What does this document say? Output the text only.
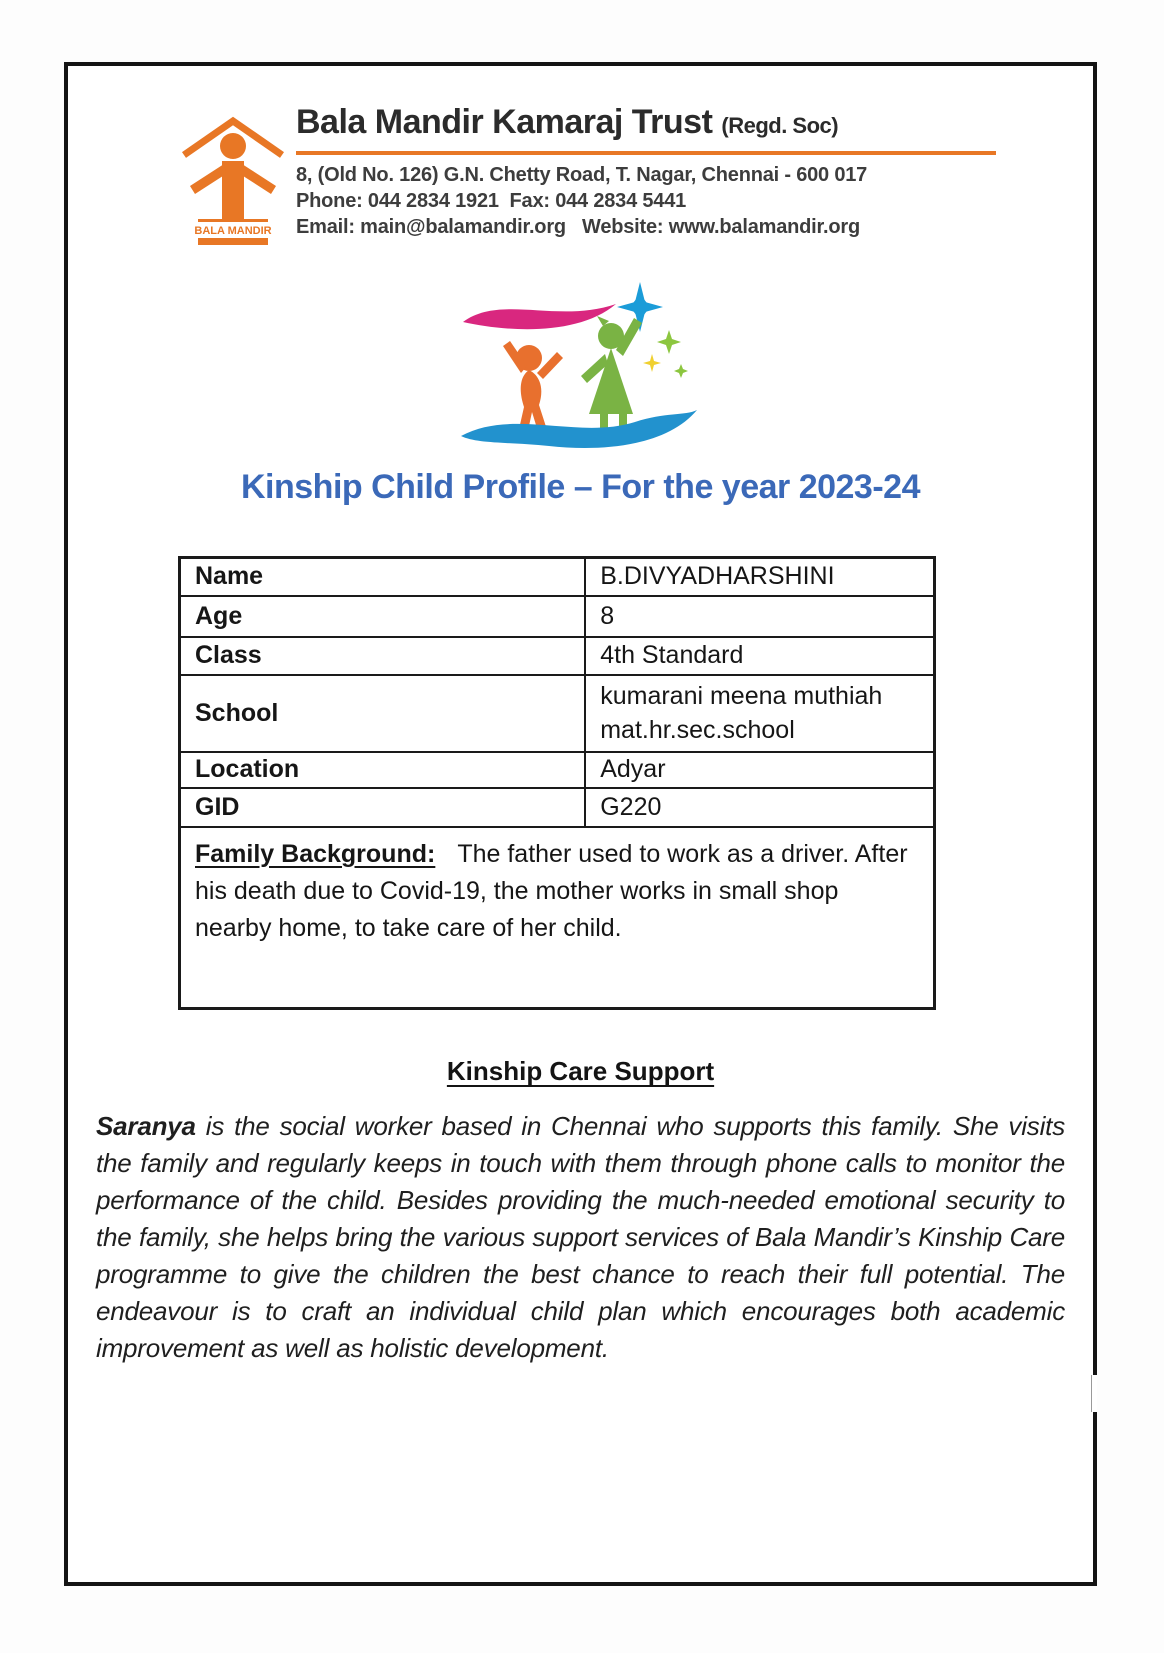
BALA MANDIR
Bala Mandir Kamaraj Trust (Regd. Soc)
8, (Old No. 126) G.N. Chetty Road, T. Nagar, Chennai - 600 017
Phone: 044 2834 1921  Fax: 044 2834 5441
Email: main@balamandir.org   Website: www.balamandir.org
Kinship Child Profile – For the year 2023-24
Name	B.DIVYADHARSHINI
Age	8
Class	4th Standard
School	kumarani meena muthiah mat.hr.sec.school
Location	Adyar
GID	G220
Family Background: The father used to work as a driver. After his death due to Covid-19, the mother works in small shop nearby home, to take care of her child.	
Kinship Care Support

Saranya is the social worker based in Chennai who supports this family. She visits the family and regularly keeps in touch with them through phone calls to monitor the performance of the child. Besides providing the much-needed emotional security to the family, she helps bring the various support services of Bala Mandir’s Kinship Care programme to give the children the best chance to reach their full potential. The endeavour is to craft an individual child plan which encourages both academic improvement as well as holistic development.
